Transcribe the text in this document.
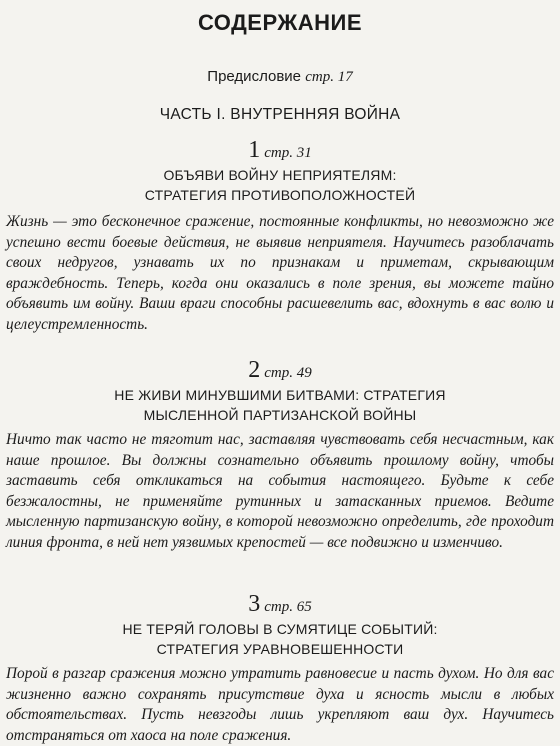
СОДЕРЖАНИЕ
Предисловие стр. 17
ЧАСТЬ I. ВНУТРЕННЯЯ ВОЙНА
1 стр. 31
ОБЪЯВИ ВОЙНУ НЕПРИЯТЕЛЯМ:
СТРАТЕГИЯ ПРОТИВОПОЛОЖНОСТЕЙ
Жизнь — это бесконечное сражение, постоянные конфликты, но невозможно же успешно вести боевые действия, не выявив неприятеля. Научитесь разоблачать своих недругов, узнавать их по признакам и приметам, скрывающим враждебность. Теперь, когда они оказались в поле зрения, вы можете тайно объявить им войну. Ваши враги способны расшевелить вас, вдохнуть в вас волю и целеустремленность.
2 стр. 49
НЕ ЖИВИ МИНУВШИМИ БИТВАМИ: СТРАТЕГИЯ
МЫСЛЕННОЙ ПАРТИЗАНСКОЙ ВОЙНЫ
Ничто так часто не тяготит нас, заставляя чувствовать себя несчастным, как наше прошлое. Вы должны сознательно объявить прошлому войну, чтобы заставить себя откликаться на события настоящего. Будьте к себе безжалостны, не применяйте рутинных и затасканных приемов. Ведите мысленную партизанскую войну, в которой невозможно определить, где проходит линия фронта, в ней нет уязвимых крепостей — все подвижно и изменчиво.
3 стр. 65
НЕ ТЕРЯЙ ГОЛОВЫ В СУМЯТИЦЕ СОБЫТИЙ:
СТРАТЕГИЯ УРАВНОВЕШЕННОСТИ
Порой в разгар сражения можно утратить равновесие и пасть духом. Но для вас жизненно важно сохранять присутствие духа и ясность мысли в любых обстоятельствах. Пусть невзгоды лишь укрепляют ваш дух. Научитесь отстраняться от хаоса на поле сражения.
